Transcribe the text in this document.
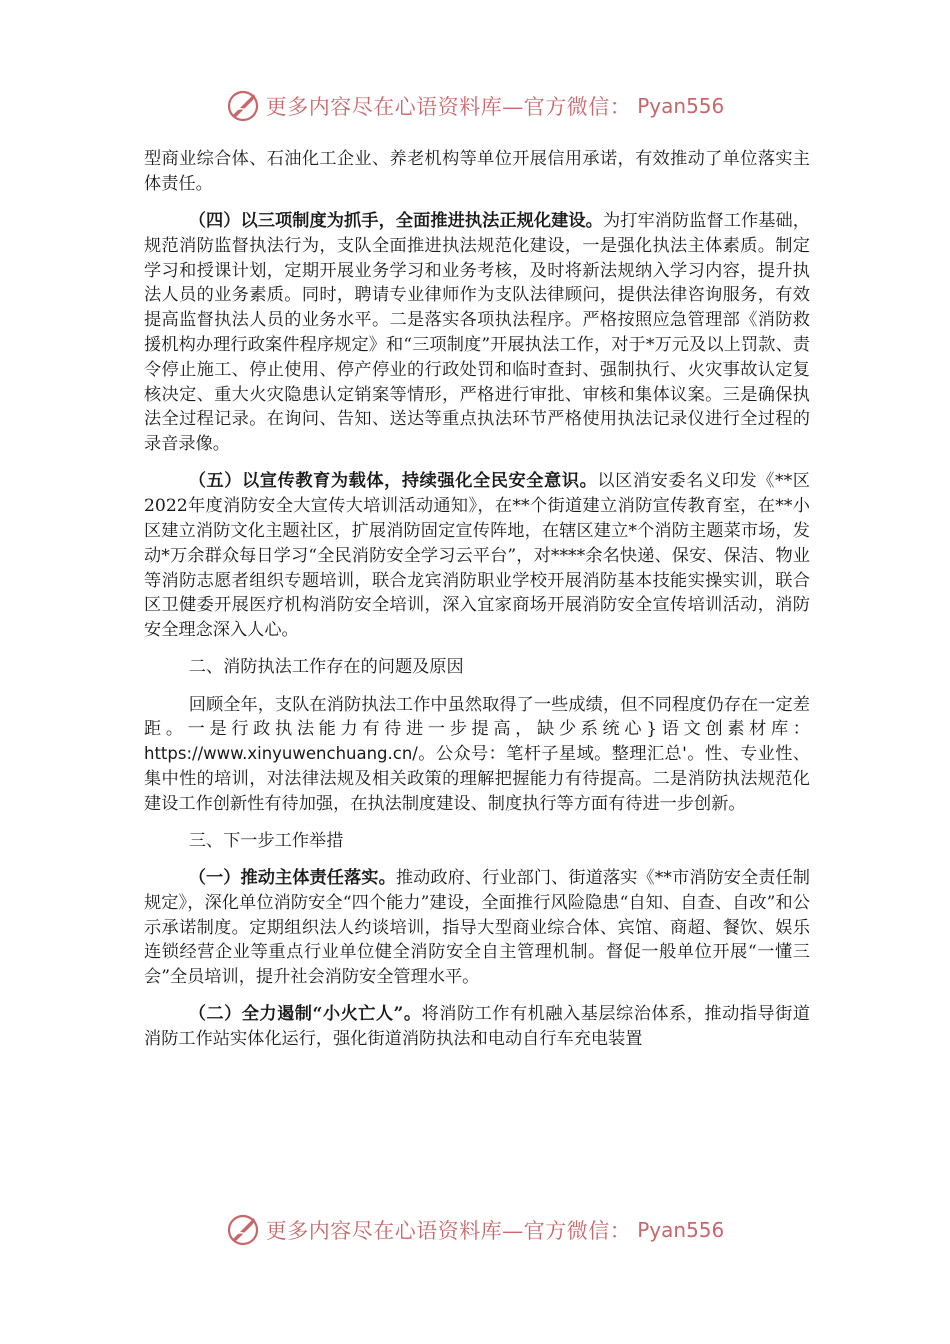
更多内容尽在心语资料库—官方微信： Pyan556

型商业综合体、石油化工企业、养老机构等单位开展信用承诺，有效推动了单位落实主体责任。

（四）以三项制度为抓手，全面推进执法正规化建设。为打牢消防监督工作基础，规范消防监督执法行为，支队全面推进执法规范化建设，一是强化执法主体素质。制定学习和授课计划，定期开展业务学习和业务考核，及时将新法规纳入学习内容，提升执法人员的业务素质。同时，聘请专业律师作为支队法律顾问，提供法律咨询服务，有效提高监督执法人员的业务水平。二是落实各项执法程序。严格按照应急管理部《消防救援机构办理行政案件程序规定》和“三项制度”开展执法工作，对于*万元及以上罚款、责令停止施工、停止使用、停产停业的行政处罚和临时查封、强制执行、火灾事故认定复核决定、重大火灾隐患认定销案等情形，严格进行审批、审核和集体议案。三是确保执法全过程记录。在询问、告知、送达等重点执法环节严格使用执法记录仪进行全过程的录音录像。

（五）以宣传教育为载体，持续强化全民安全意识。以区消安委名义印发《**区2022年度消防安全大宣传大培训活动通知》，在**个街道建立消防宣传教育室，在**小区建立消防文化主题社区，扩展消防固定宣传阵地，在辖区建立*个消防主题菜市场，发动*万余群众每日学习“全民消防安全学习云平台”，对****余名快递、保安、保洁、物业等消防志愿者组织专题培训，联合龙宾消防职业学校开展消防基本技能实操实训，联合区卫健委开展医疗机构消防安全培训，深入宜家商场开展消防安全宣传培训活动，消防安全理念深入人心。

二、消防执法工作存在的问题及原因

回顾全年，支队在消防执法工作中虽然取得了一些成绩，但不同程度仍存在一定差距。一是行政执法能力有待进一步提高，缺少系统心}语文创素材库：https://www.xinyuwenchuang.cn/。公众号：笔杆子星域。整理汇总'。性、专业性、集中性的培训，对法律法规及相关政策的理解把握能力有待提高。二是消防执法规范化建设工作创新性有待加强，在执法制度建设、制度执行等方面有待进一步创新。

三、下一步工作举措

（一）推动主体责任落实。推动政府、行业部门、街道落实《**市消防安全责任制规定》，深化单位消防安全“四个能力”建设，全面推行风险隐患“自知、自查、自改”和公示承诺制度。定期组织法人约谈培训，指导大型商业综合体、宾馆、商超、餐饮、娱乐连锁经营企业等重点行业单位健全消防安全自主管理机制。督促一般单位开展“一懂三会”全员培训，提升社会消防安全管理水平。

（二）全力遏制“小火亡人”。将消防工作有机融入基层综治体系，推动指导街道消防工作站实体化运行，强化街道消防执法和电动自行车充电装置

更多内容尽在心语资料库—官方微信： Pyan556
